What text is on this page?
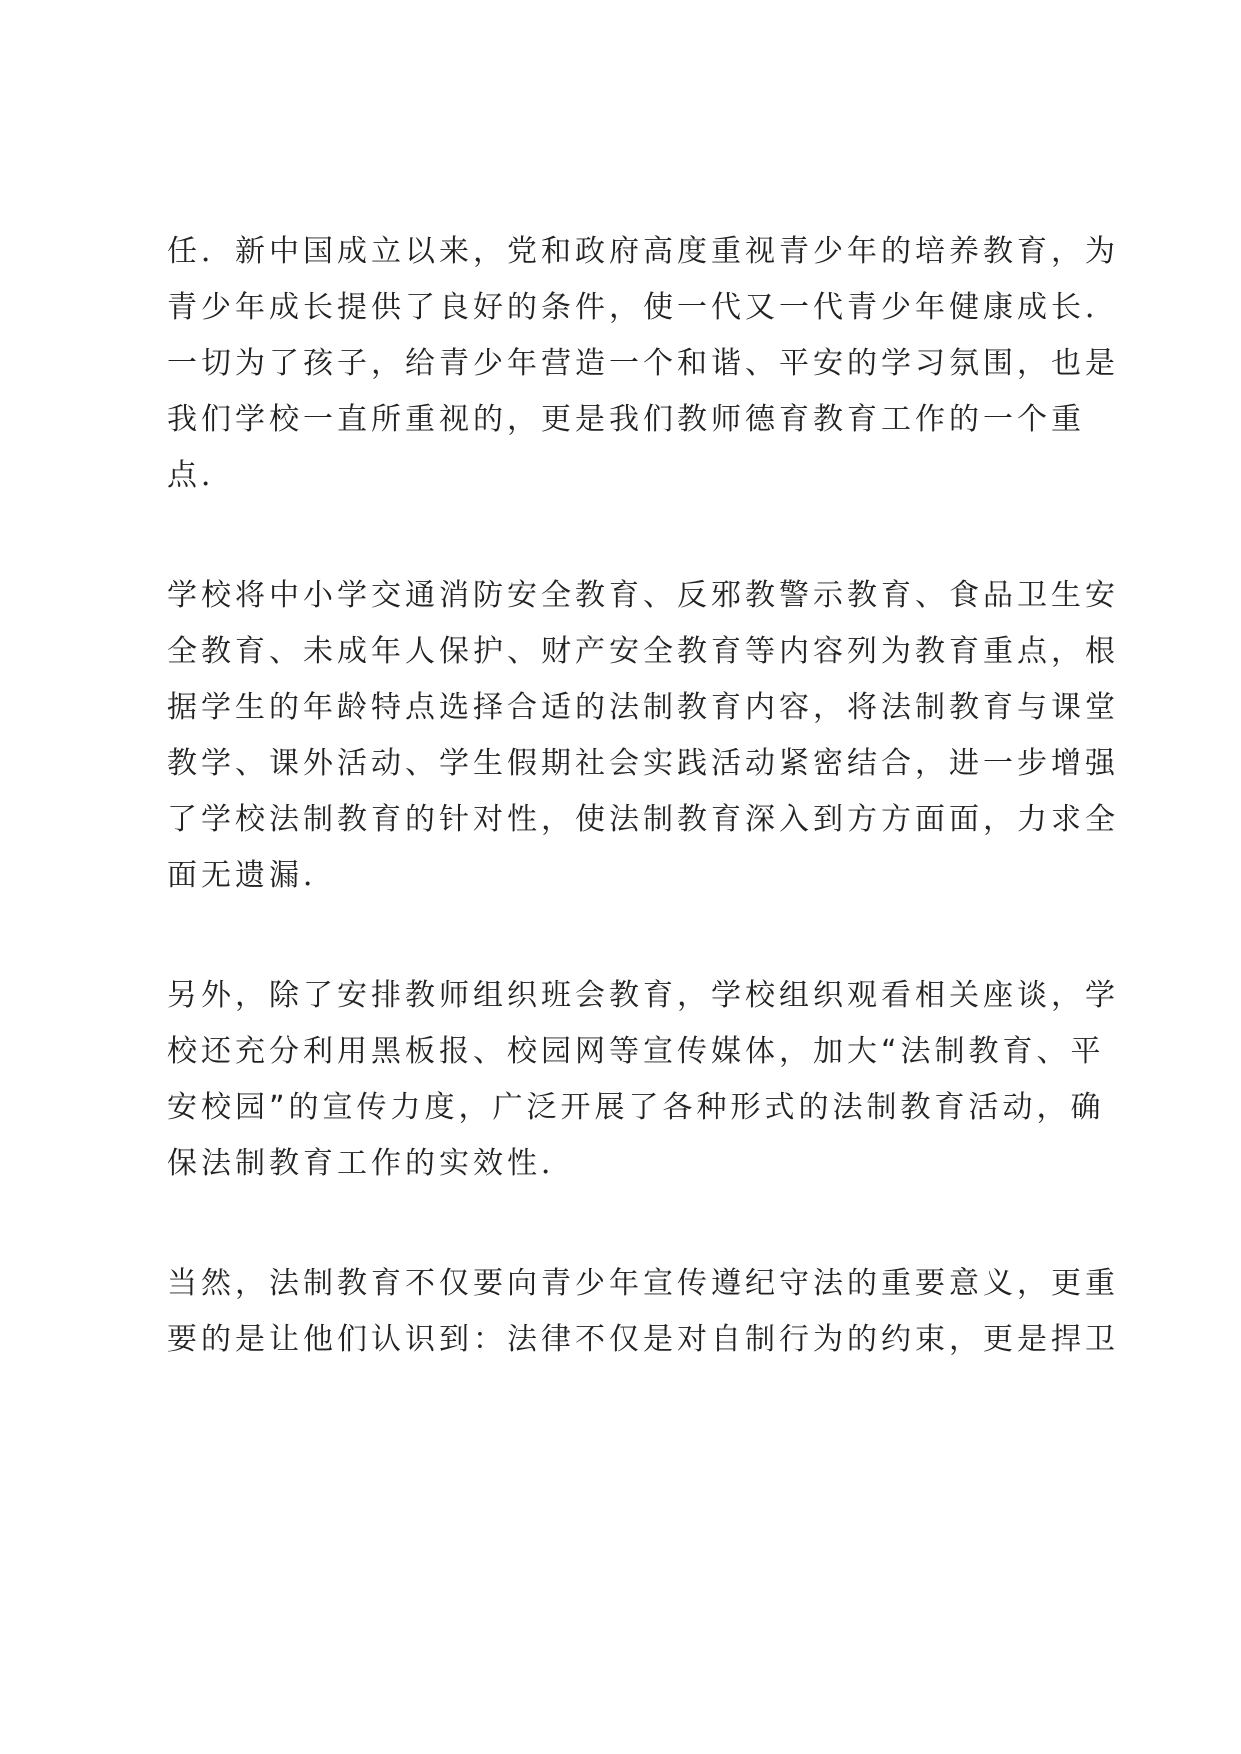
任．新中国成立以来，党和政府高度重视青少年的培养教育，为
青少年成长提供了良好的条件，使一代又一代青少年健康成长．
一切为了孩子，给青少年营造一个和谐、平安的学习氛围，也是
我们学校一直所重视的，更是我们教师德育教育工作的一个重
点．
学校将中小学交通消防安全教育、反邪教警示教育、食品卫生安
全教育、未成年人保护、财产安全教育等内容列为教育重点，根
据学生的年龄特点选择合适的法制教育内容，将法制教育与课堂
教学、课外活动、学生假期社会实践活动紧密结合，进一步增强
了学校法制教育的针对性，使法制教育深入到方方面面，力求全
面无遗漏．
另外，除了安排教师组织班会教育，学校组织观看相关座谈，学
校还充分利用黑板报、校园网等宣传媒体，加大“法制教育、平
安校园”的宣传力度，广泛开展了各种形式的法制教育活动，确
保法制教育工作的实效性．
当然，法制教育不仅要向青少年宣传遵纪守法的重要意义，更重
要的是让他们认识到：法律不仅是对自制行为的约束，更是捍卫
